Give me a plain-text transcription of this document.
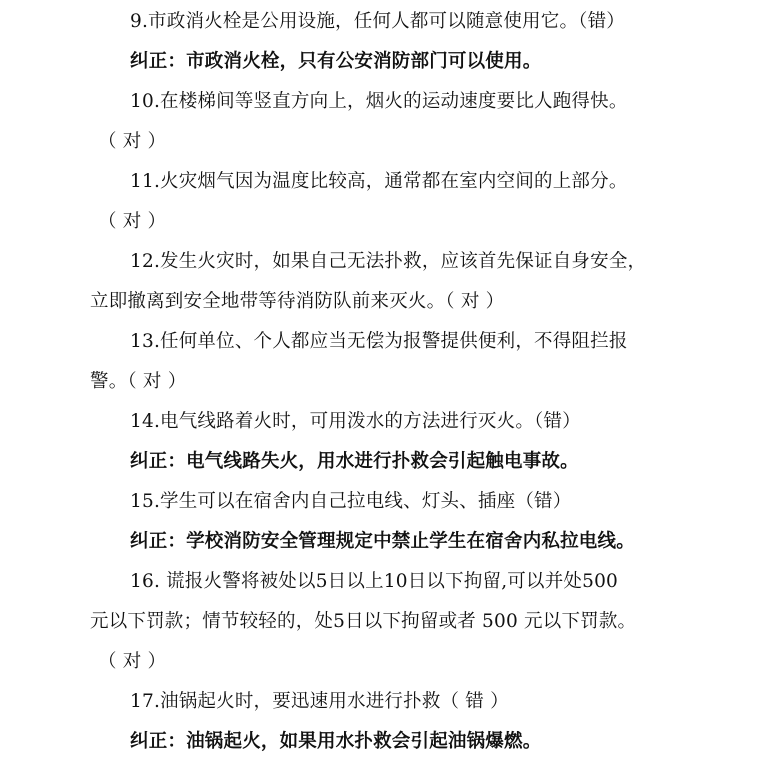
9.市政消火栓是公用设施，任何人都可以随意使用它。（错）
纠正：市政消火栓，只有公安消防部门可以使用。
10.在楼梯间等竖直方向上，烟火的运动速度要比人跑得快。
（ 对 ）
11.火灾烟气因为温度比较高，通常都在室内空间的上部分。
（ 对 ）
12.发生火灾时，如果自己无法扑救，应该首先保证自身安全，
立即撤离到安全地带等待消防队前来灭火。（ 对 ）
13.任何单位、个人都应当无偿为报警提供便利，不得阻拦报
警。（ 对 ）
14.电气线路着火时，可用泼水的方法进行灭火。（错）
纠正：电气线路失火，用水进行扑救会引起触电事故。
15.学生可以在宿舍内自己拉电线、灯头、插座（错）
纠正：学校消防安全管理规定中禁止学生在宿舍内私拉电线。
16. 谎报火警将被处以5日以上10日以下拘留,可以并处500
元以下罚款；情节较轻的，处5日以下拘留或者 500 元以下罚款。
（ 对 ）
17.油锅起火时，要迅速用水进行扑救（ 错 ）
纠正：油锅起火，如果用水扑救会引起油锅爆燃。
